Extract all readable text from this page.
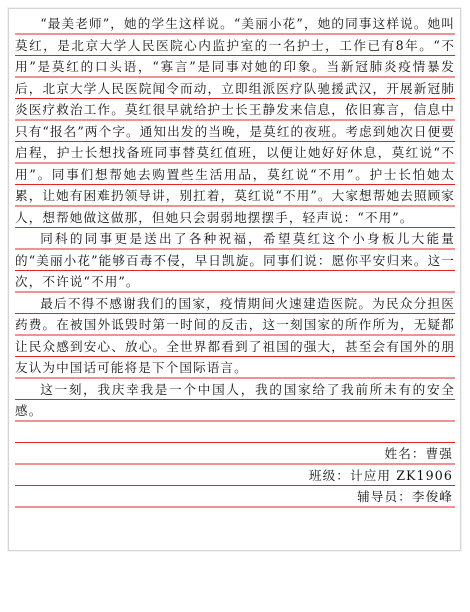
“最美老师”，她的学生这样说。“美丽小花”，她的同事这样说。她叫莫红，是北京大学人民医院心内监护室的一名护士，工作已有8年。“不用”是莫红的口头语，“寡言”是同事对她的印象。当新冠肺炎疫情暴发后，北京大学人民医院闻令而动，立即组派医疗队驰援武汉，开展新冠肺炎医疗救治工作。莫红很早就给护士长王静发来信息，依旧寡言，信息中只有“报名”两个字。通知出发的当晚，是莫红的夜班。考虑到她次日便要启程，护士长想找备班同事替莫红值班，以便让她好好休息，莫红说“不用”。同事们想帮她去购置些生活用品，莫红说“不用”。护士长怕她太累，让她有困难扔领导讲，别扛着，莫红说“不用”。大家想帮她去照顾家人，想帮她做这做那，但她只会弱弱地摆摆手，轻声说：“不用”。

同科的同事更是送出了各种祝福，希望莫红这个小身板儿大能量的“美丽小花”能够百毒不侵，早日凯旋。同事们说：愿你平安归来。这一次，不许说“不用”。

最后不得不感谢我们的国家，疫情期间火速建造医院。为民众分担医药费。在被国外诋毁时第一时间的反击，这一刻国家的所作所为，无疑都让民众感到安心、放心。全世界都看到了祖国的强大，甚至会有国外的朋友认为中国话可能将是下个国际语言。

这一刻，我庆幸我是一个中国人，我的国家给了我前所未有的安全感。

姓名：曹强
班级：计应用 ZK1906
辅导员：李俊峰
